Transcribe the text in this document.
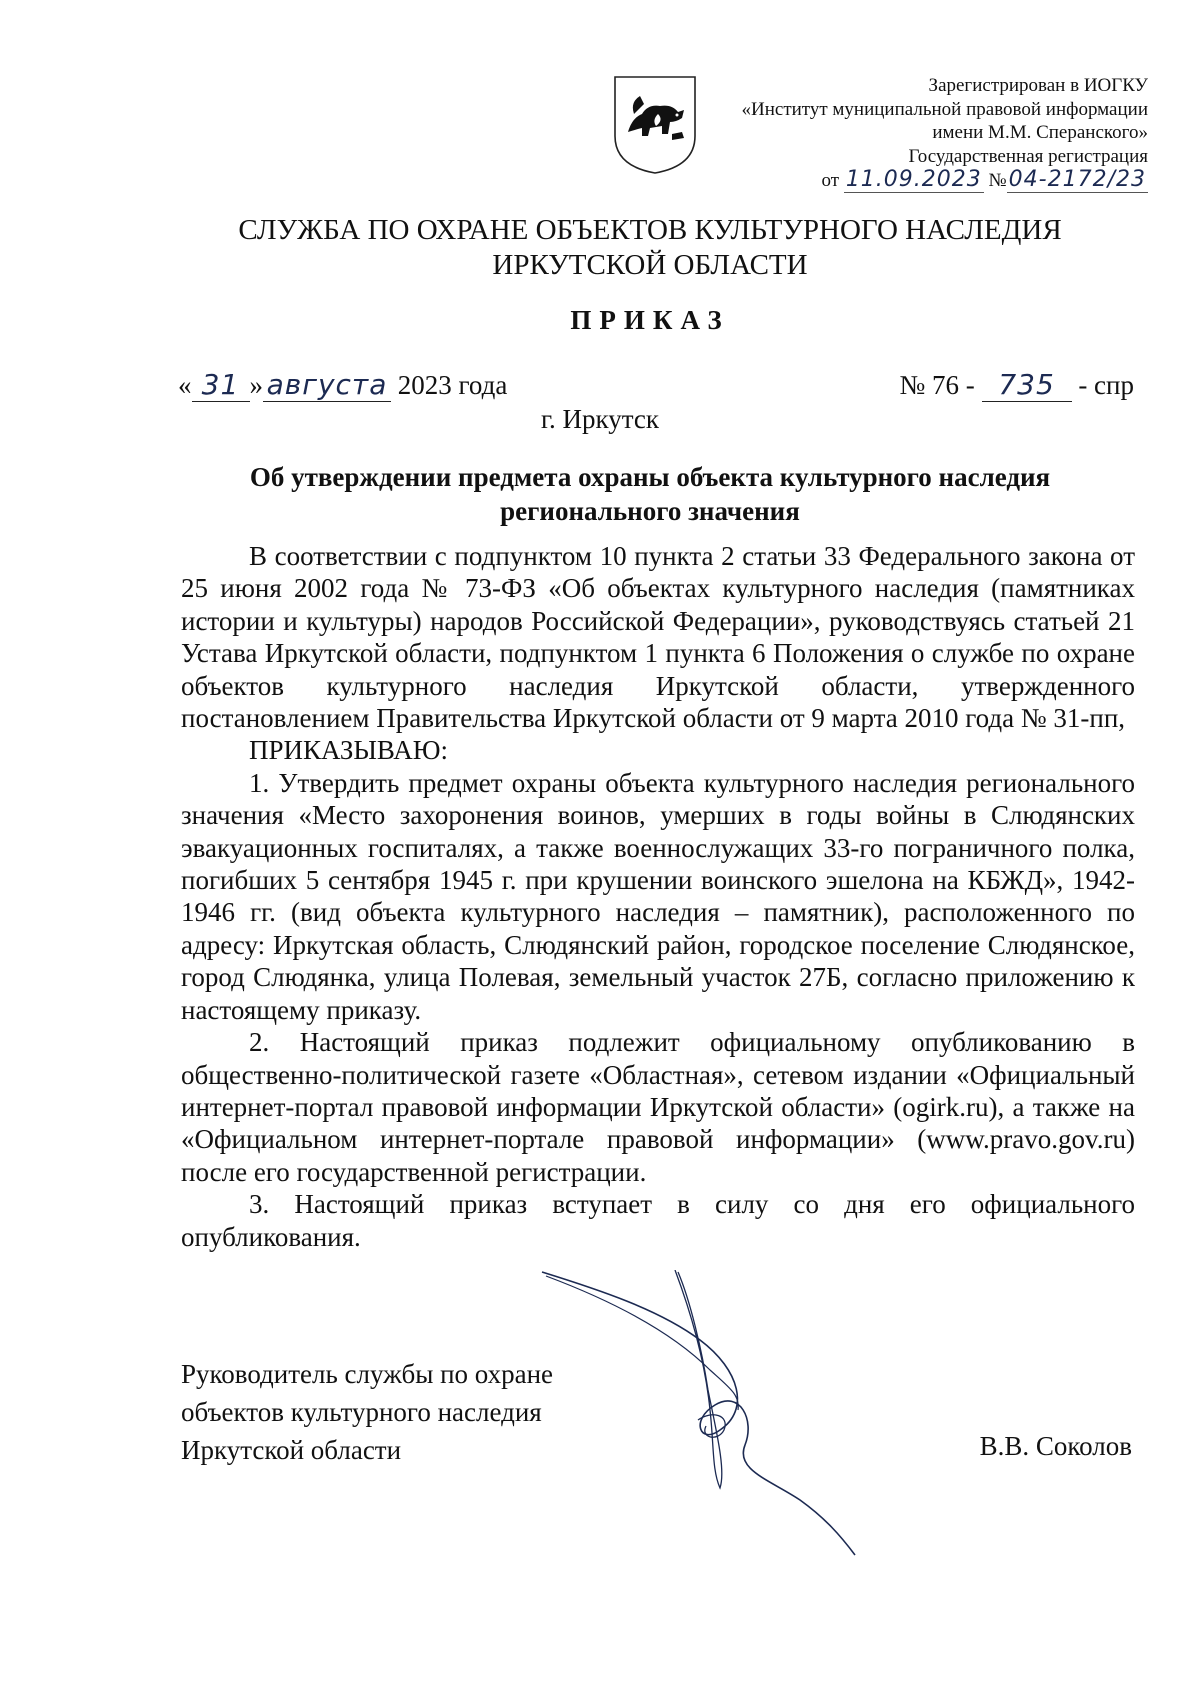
Зарегистрирован в ИОГКУ
«Институт муниципальной правовой информации
имени М.М. Сперанского»
Государственная регистрация
от 11.09.2023 №04-2172/23
СЛУЖБА ПО ОХРАНЕ ОБЪЕКТОВ КУЛЬТУРНОГО НАСЛЕДИЯ
ИРКУТСКОЙ ОБЛАСТИ
ПРИКАЗ
« 31 » августа 2023 года	№ 76 - 735 - спр
г. Иркутск
Об утверждении предмета охраны объекта культурного наследия
регионального значения

В соответствии с подпунктом 10 пункта 2 статьи 33 Федерального закона от 25 июня 2002 года № 73-ФЗ «Об объектах культурного наследия (памятниках истории и культуры) народов Российской Федерации», руководствуясь статьей 21 Устава Иркутской области, подпунктом 1 пункта 6 Положения о службе по охране объектов культурного наследия Иркутской области, утвержденного постановлением Правительства Иркутской области от 9 марта 2010 года № 31-пп,

ПРИКАЗЫВАЮ:

1. Утвердить предмет охраны объекта культурного наследия регионального значения «Место захоронения воинов, умерших в годы войны в Слюдянских эвакуационных госпиталях, а также военнослужащих 33-го пограничного полка, погибших 5 сентября 1945 г. при крушении воинского эшелона на КБЖД», 1942-1946 гг. (вид объекта культурного наследия – памятник), расположенного по адресу: Иркутская область, Слюдянский район, городское поселение Слюдянское, город Слюдянка, улица Полевая, земельный участок 27Б, согласно приложению к настоящему приказу.

2. Настоящий приказ подлежит официальному опубликованию в общественно-политической газете «Областная», сетевом издании «Официальный интернет-портал правовой информации Иркутской области» (ogirk.ru), а также на «Официальном интернет-портале правовой информации» (www.pravo.gov.ru) после его государственной регистрации.

3. Настоящий приказ вступает в силу со дня его официального опубликования.

Руководитель службы по охране
объектов культурного наследия
Иркутской области	В.В. Соколов
